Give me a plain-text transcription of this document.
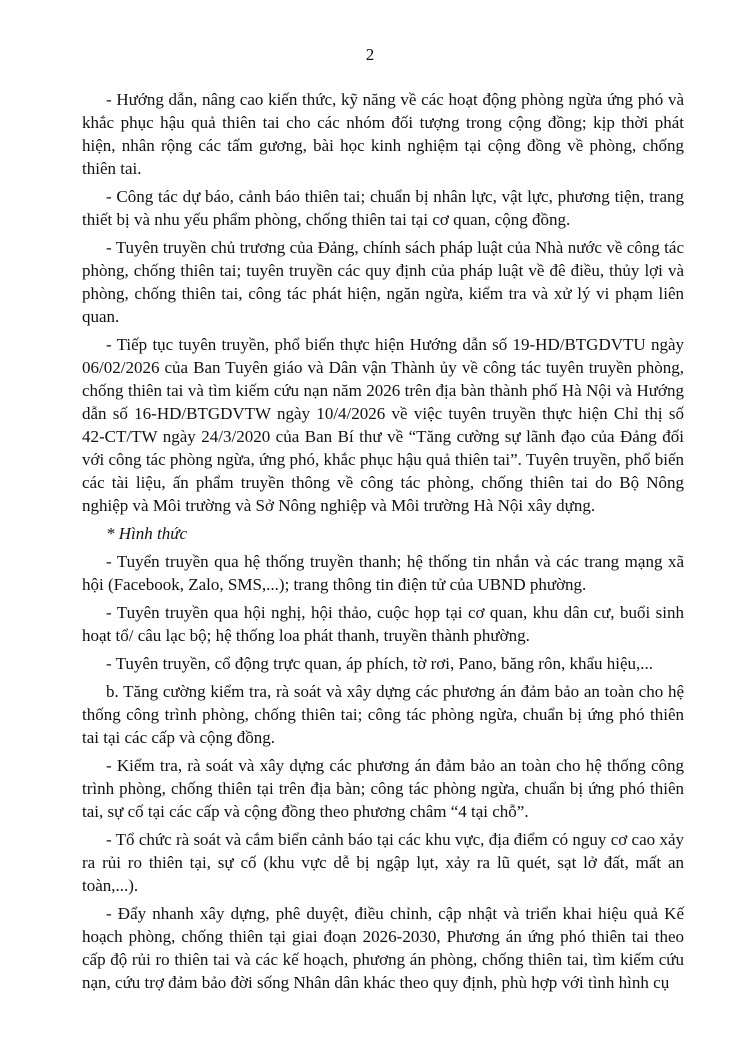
2

- Hướng dẫn, nâng cao kiến thức, kỹ năng về các hoạt động phòng ngừa ứng phó và khắc phục hậu quả thiên tai cho các nhóm đối tượng trong cộng đồng; kịp thời phát hiện, nhân rộng các tấm gương, bài học kinh nghiệm tại cộng đồng về phòng, chống thiên tai.

- Công tác dự báo, cảnh báo thiên tai; chuẩn bị nhân lực, vật lực, phương tiện, trang thiết bị và nhu yếu phẩm phòng, chống thiên tai tại cơ quan, cộng đồng.

- Tuyên truyền chủ trương của Đảng, chính sách pháp luật của Nhà nước về công tác phòng, chống thiên tai; tuyên truyền các quy định của pháp luật về đê điều, thủy lợi và phòng, chống thiên tai, công tác phát hiện, ngăn ngừa, kiểm tra và xử lý vi phạm liên quan.

- Tiếp tục tuyên truyền, phổ biến thực hiện Hướng dẫn số 19-HD/BTGDVTU ngày 06/02/2026 của Ban Tuyên giáo và Dân vận Thành ủy về công tác tuyên truyền phòng, chống thiên tai và tìm kiếm cứu nạn năm 2026 trên địa bàn thành phố Hà Nội và Hướng dẫn số 16-HD/BTGDVTW ngày 10/4/2026 về việc tuyên truyền thực hiện Chỉ thị số 42-CT/TW ngày 24/3/2020 của Ban Bí thư về “Tăng cường sự lãnh đạo của Đảng đối với công tác phòng ngừa, ứng phó, khắc phục hậu quả thiên tai”. Tuyên truyền, phổ biến các tài liệu, ấn phẩm truyền thông về công tác phòng, chống thiên tai do Bộ Nông nghiệp và Môi trường và Sở Nông nghiệp và Môi trường Hà Nội xây dựng.

* Hình thức

- Tuyển truyền qua hệ thống truyền thanh; hệ thống tin nhắn và các trang mạng xã hội (Facebook, Zalo, SMS,...); trang thông tin điện tử của UBND phường.

- Tuyên truyền qua hội nghị, hội thảo, cuộc họp tại cơ quan, khu dân cư, buổi sinh hoạt tổ/ câu lạc bộ; hệ thống loa phát thanh, truyền thành phường.

- Tuyên truyền, cổ động trực quan, áp phích, tờ rơi, Pano, băng rôn, khẩu hiệu,...

b. Tăng cường kiểm tra, rà soát và xây dựng các phương án đảm bảo an toàn cho hệ thống công trình phòng, chống thiên tai; công tác phòng ngừa, chuẩn bị ứng phó thiên tai tại các cấp và cộng đồng.

- Kiểm tra, rà soát và xây dựng các phương án đảm bảo an toàn cho hệ thống công trình phòng, chống thiên tại trên địa bàn; công tác phòng ngừa, chuẩn bị ứng phó thiên tai, sự cố tại các cấp và cộng đồng theo phương châm “4 tại chỗ”.

- Tổ chức rà soát và cắm biển cảnh báo tại các khu vực, địa điểm có nguy cơ cao xảy ra rủi ro thiên tại, sự cố (khu vực dễ bị ngập lụt, xảy ra lũ quét, sạt lở đất, mất an toàn,...).

- Đẩy nhanh xây dựng, phê duyệt, điều chỉnh, cập nhật và triển khai hiệu quả Kế hoạch phòng, chống thiên tại giai đoạn 2026-2030, Phương án ứng phó thiên tai theo cấp độ rủi ro thiên tai và các kế hoạch, phương án phòng, chống thiên tai, tìm kiếm cứu nạn, cứu trợ đảm bảo đời sống Nhân dân khác theo quy định, phù hợp với tình hình cụ
